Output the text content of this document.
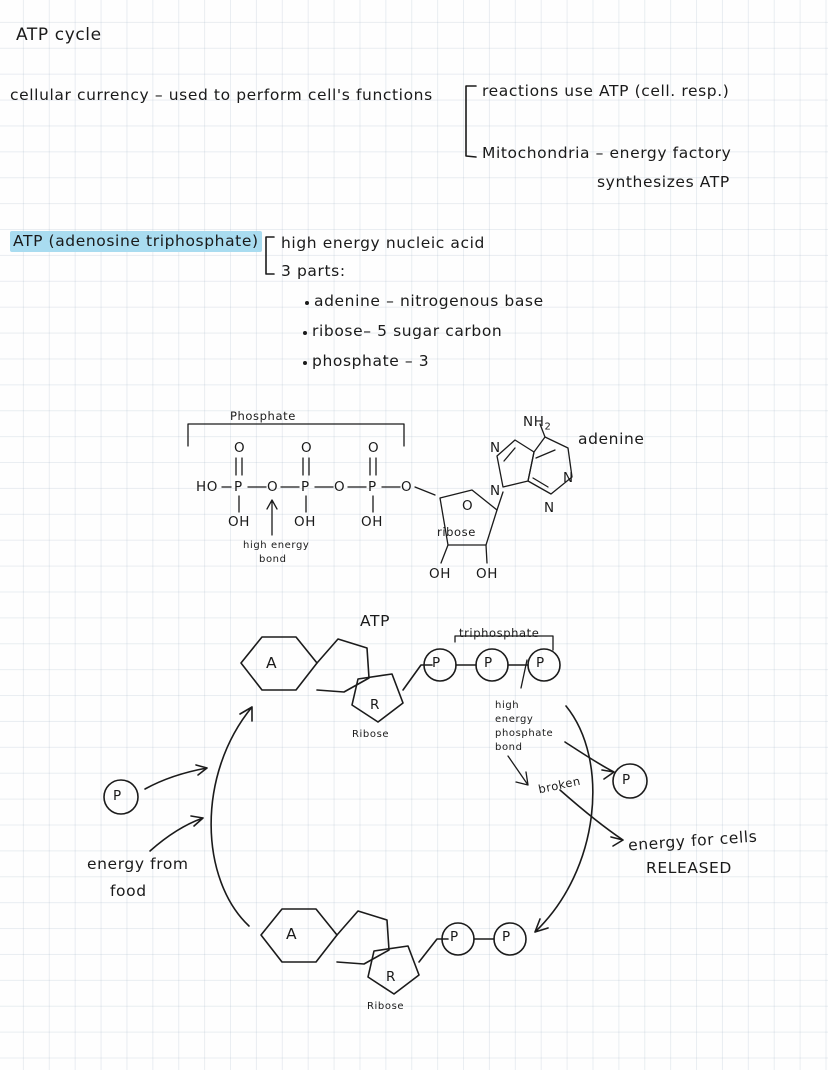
ATP cycle
cellular currency – used to perform cell's functions	reactions use ATP (cell. resp.)
Mitochondria – energy factory
synthesizes ATP
ATP (adenosine triphosphate) high energy nucleic acid
3 parts:
adenine – nitrogenous base
ribose– 5 sugar carbon
phosphate – 3
Phosphate
adenine
ribose
high energy
bond
HO P O P O P O
O	O	O
OH	OH	OH
$NH_2$
N
N
N
N
O
OH OH
ATP
triphosphate
A
R
Ribose
P	P	P
high
energy
phosphate
bond
broken	P
P
energy for cells
RELEASED
energy from
food
A
R
Ribose
P	P
